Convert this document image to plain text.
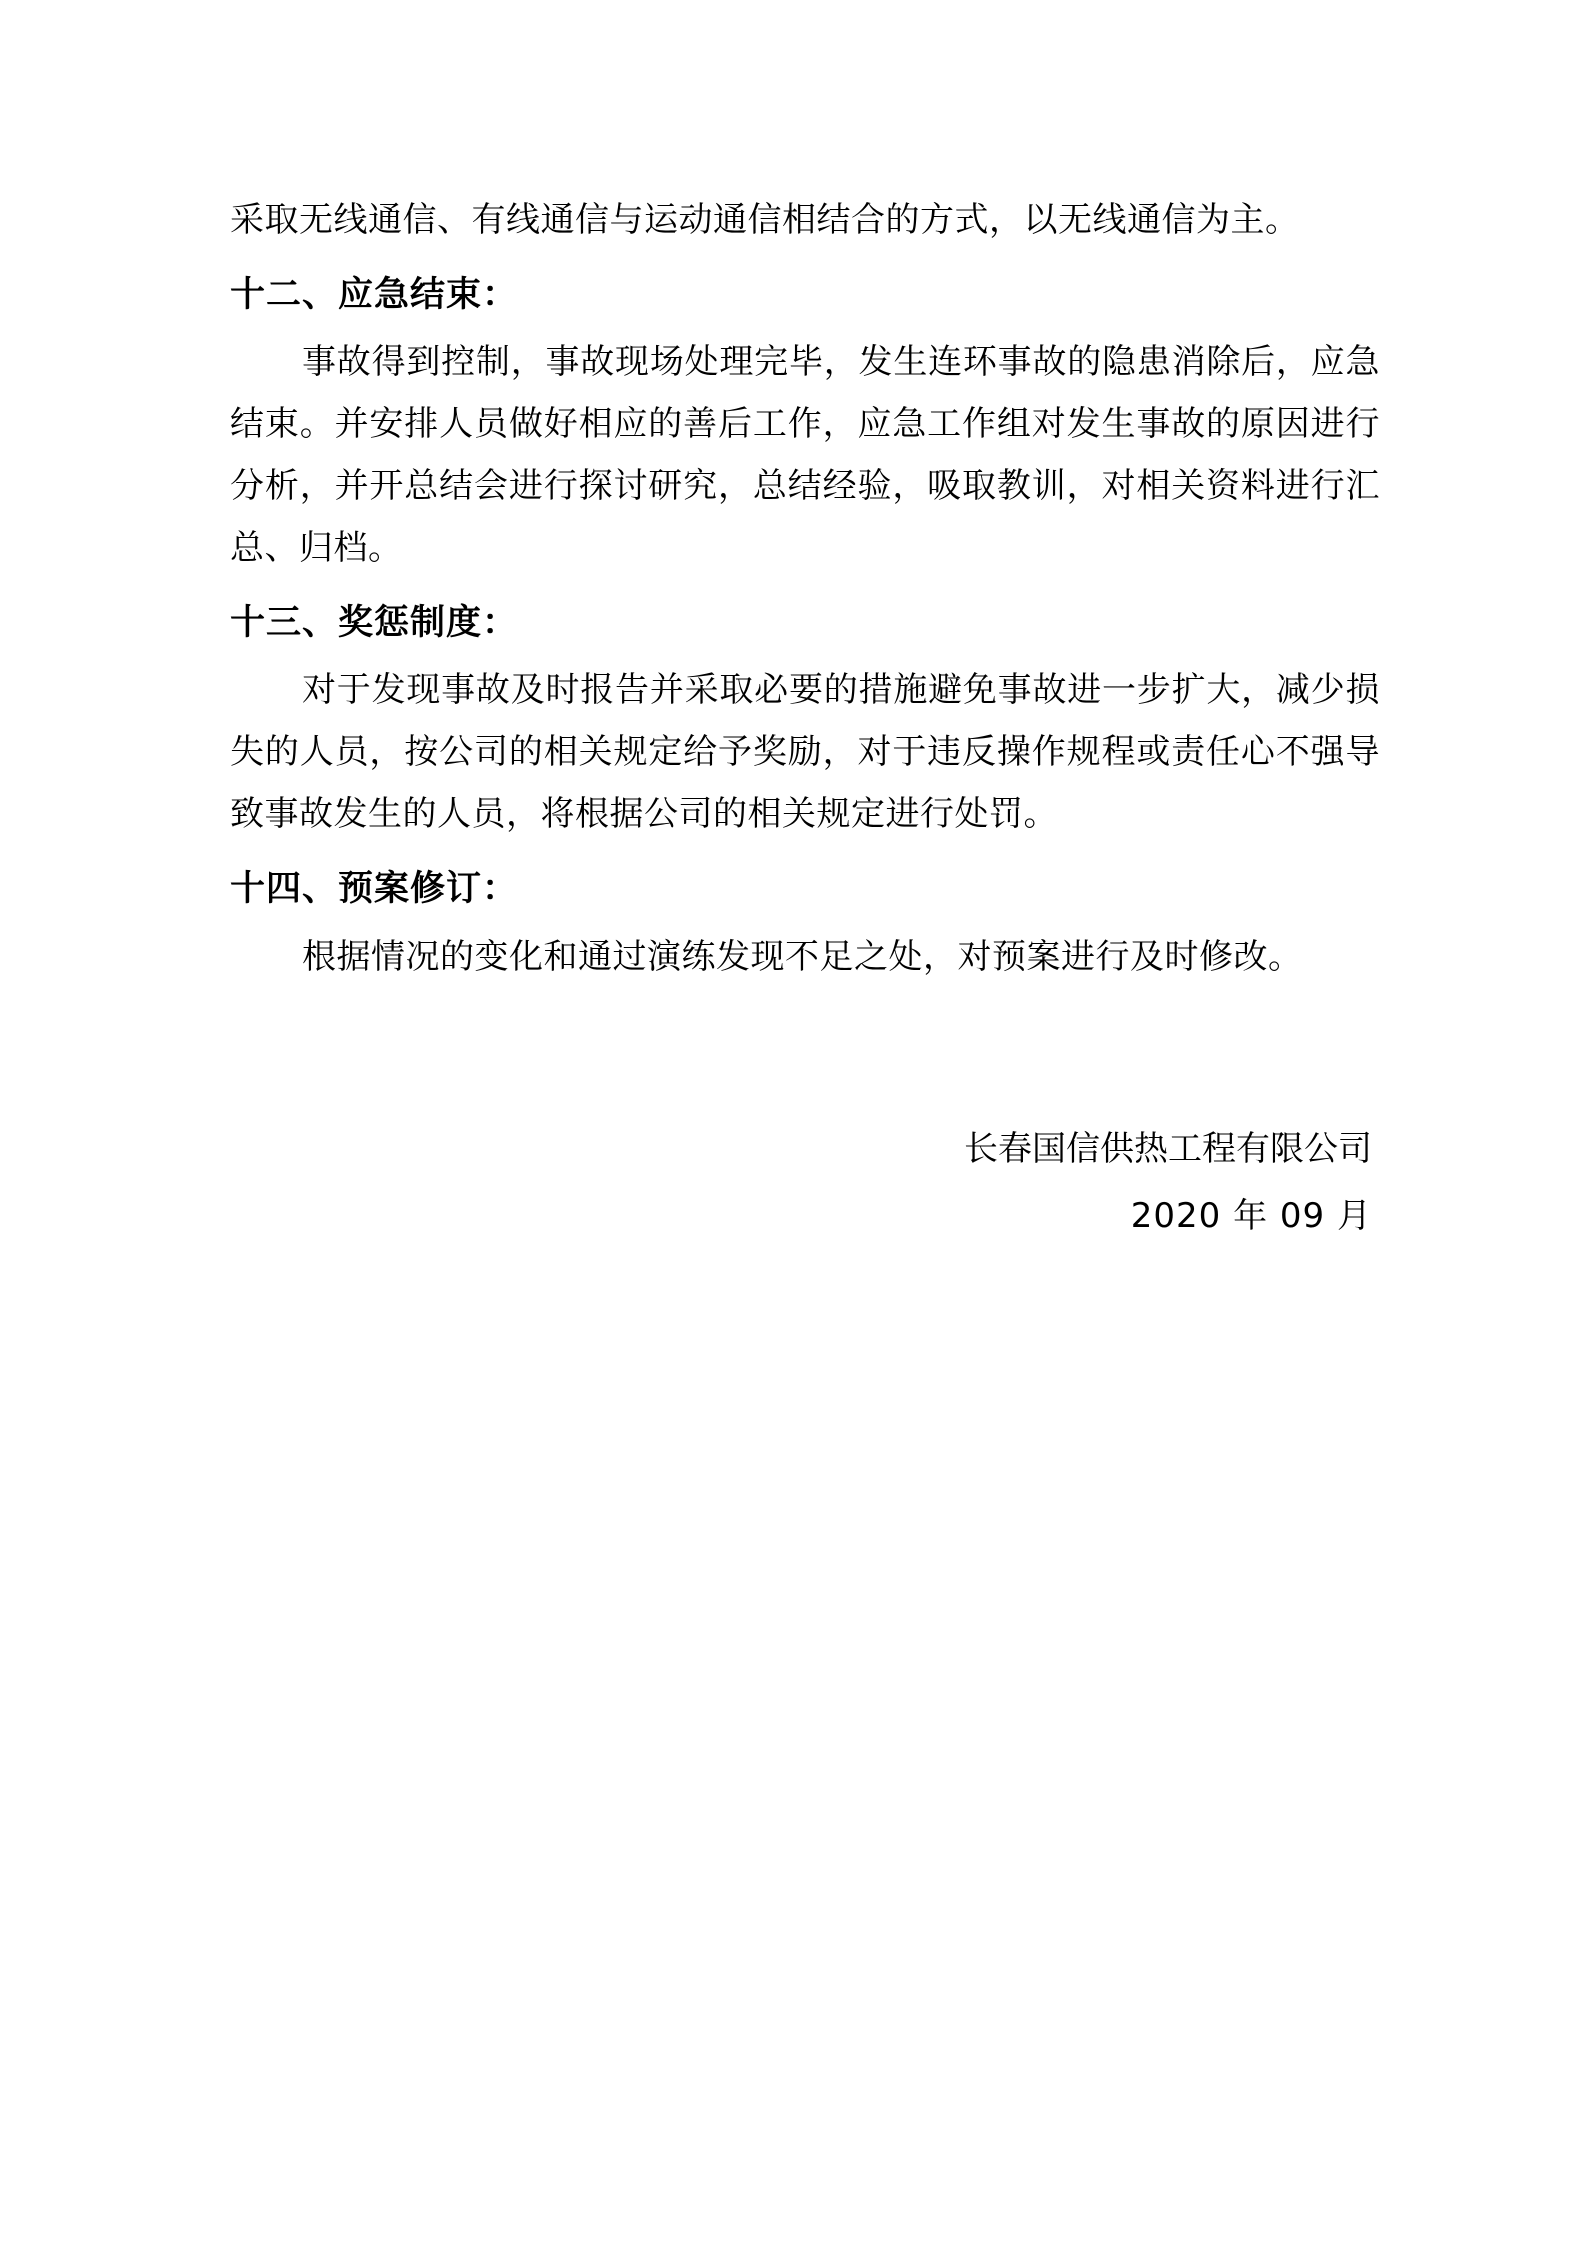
采取无线通信、有线通信与运动通信相结合的方式，以无线通信为主。

十二、应急结束：

事故得到控制，事故现场处理完毕，发生连环事故的隐患消除后，应急结束。并安排人员做好相应的善后工作，应急工作组对发生事故的原因进行分析，并开总结会进行探讨研究，总结经验，吸取教训，对相关资料进行汇总、归档。

十三、奖惩制度：

对于发现事故及时报告并采取必要的措施避免事故进一步扩大，减少损失的人员，按公司的相关规定给予奖励，对于违反操作规程或责任心不强导致事故发生的人员，将根据公司的相关规定进行处罚。

十四、预案修订：

根据情况的变化和通过演练发现不足之处，对预案进行及时修改。

长春国信供热工程有限公司
2020 年 09 月
